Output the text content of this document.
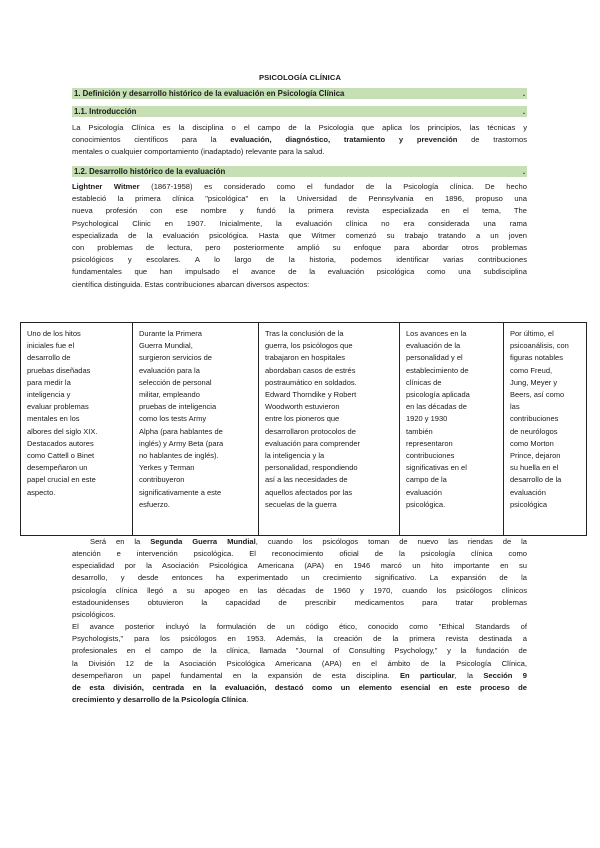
PSICOLOGÍA CLÍNICA
1. Definición y desarrollo histórico de la evaluación en Psicología Clínica	.
1.1. Introducción	.
La Psicología Clínica es la disciplina o el campo de la Psicología que aplica los principios, las técnicas y
conocimientos científicos para la evaluación, diagnóstico, tratamiento y prevención de trastornos
mentales o cualquier comportamiento (inadaptado) relevante para la salud.
1.2. Desarrollo histórico de la evaluación	.
Lightner Witmer (1867-1958) es considerado como el fundador de la Psicología clínica. De hecho
estableció la primera clínica "psicológica" en la Universidad de Pennsylvania en 1896, propuso una
nueva profesión con ese nombre y fundó la primera revista especializada en el tema, The
Psychological Clinic en 1907. Inicialmente, la evaluación clínica no era considerada una rama
especializada de la evaluación psicológica. Hasta que Witmer comenzó su trabajo tratando a un joven
con problemas de lectura, pero posteriormente amplió su enfoque para abordar otros problemas
psicológicos y escolares. A lo largo de la historia, podemos identificar varias contribuciones
fundamentales que han impulsado el avance de la evaluación psicológica como una subdisciplina
científica distinguida. Estas contribuciones abarcan diversos aspectos:
Uno de los hitos
iniciales fue el
desarrollo de
pruebas diseñadas
para medir la
inteligencia y
evaluar problemas
mentales en los
albores del siglo XIX.
Destacados autores
como Cattell o Binet
desempeñaron un
papel crucial en este
aspecto.

Durante la Primera
Guerra Mundial,
surgieron servicios de
evaluación para la
selección de personal
militar, empleando
pruebas de inteligencia
como los tests Army
Alpha (para hablantes de
inglés) y Army Beta (para
no hablantes de inglés).
Yerkes y Terman
contribuyeron
significativamente a este
esfuerzo.

Tras la conclusión de la
guerra, los psicólogos que
trabajaron en hospitales
abordaban casos de estrés
postraumático en soldados.
Edward Thorndike y Robert
Woodworth estuvieron
entre los pioneros que
desarrollaron protocolos de
evaluación para comprender
la inteligencia y la
personalidad, respondiendo
así a las necesidades de
aquellos afectados por las
secuelas de la guerra

Los avances en la
evaluación de la
personalidad y el
establecimiento de
clínicas de
psicología aplicada
en las décadas de
1920 y 1930
también
representaron
contribuciones
significativas en el
campo de la
evaluación
psicológica.

Por último, el
psicoanálisis, con
figuras notables
como Freud,
Jung, Meyer y
Beers, así como
las
contribuciones
de neurólogos
como Morton
Prince, dejaron
su huella en el
desarrollo de la
evaluación
psicológica
Será en la Segunda Guerra Mundial, cuando los psicólogos toman de nuevo las riendas de la
atención e intervención psicológica. El reconocimiento oficial de la psicología clínica como
especialidad por la Asociación Psicológica Americana (APA) en 1946 marcó un hito importante en su
desarrollo, y desde entonces ha experimentado un crecimiento significativo. La expansión de la
psicología clínica llegó a su apogeo en las décadas de 1960 y 1970, cuando los psicólogos clínicos
estadounidenses obtuvieron la capacidad de prescribir medicamentos para tratar problemas
psicológicos.
El avance posterior incluyó la formulación de un código ético, conocido como "Ethical Standards of
Psychologists," para los psicólogos en 1953. Además, la creación de la primera revista destinada a
profesionales en el campo de la clínica, llamada "Journal of Consulting Psychology," y la fundación de
la División 12 de la Asociación Psicológica Americana (APA) en el ámbito de la Psicología Clínica,
desempeñaron un papel fundamental en la expansión de esta disciplina. En particular, la Sección 9
de esta división, centrada en la evaluación, destacó como un elemento esencial en este proceso de
crecimiento y desarrollo de la Psicología Clínica.
